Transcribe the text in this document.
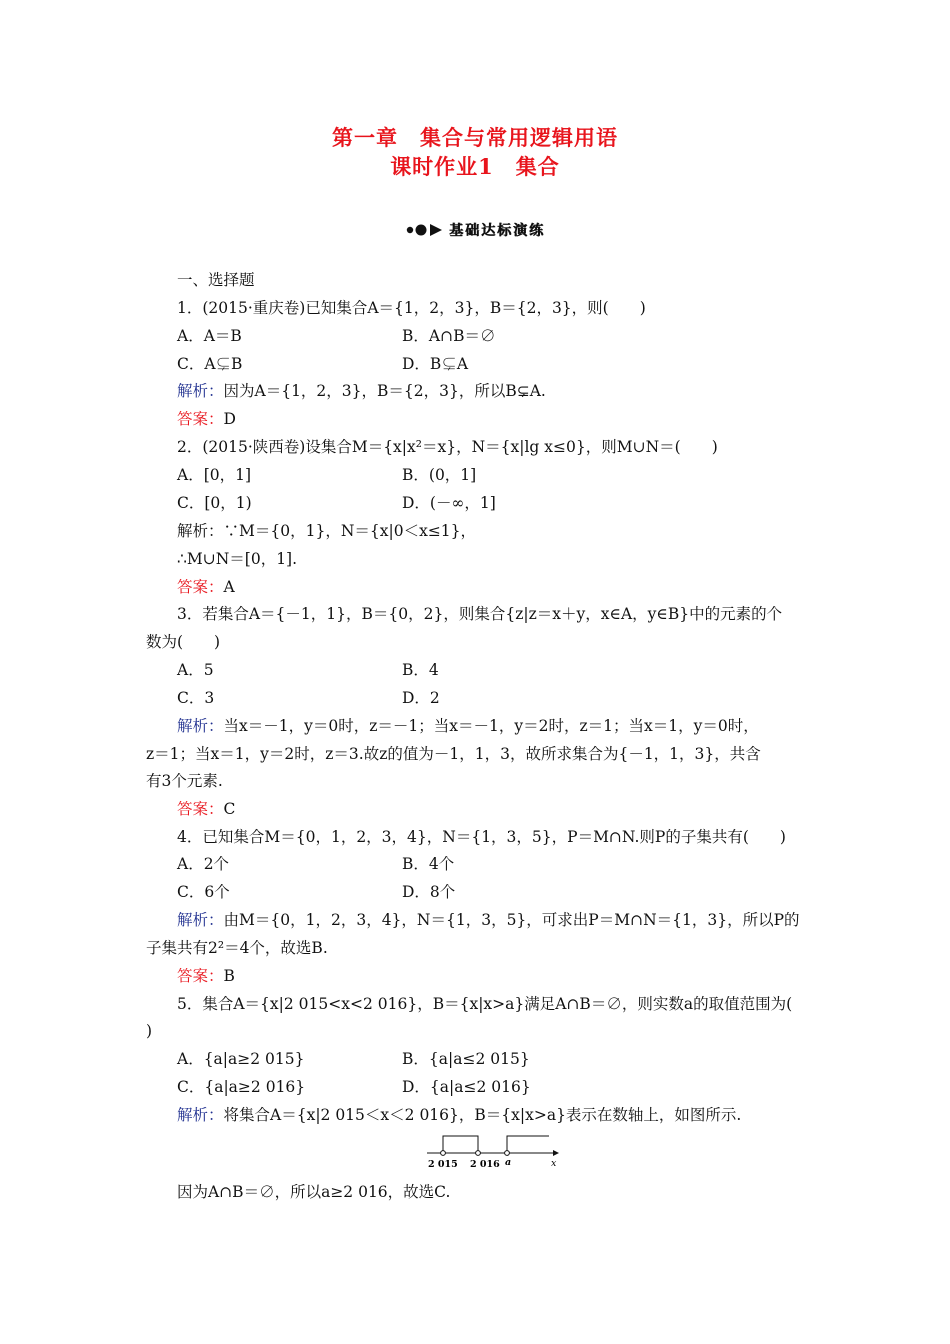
第一章　集合与常用逻辑用语
课时作业1　集合
基础达标演练
一、选择题
1．(2015·重庆卷)已知集合A＝{1，2，3}，B＝{2，3}，则(　　)
A．A＝B	B．A∩B＝∅
C．A⊊B	D．B⊊A
解析：因为A＝{1，2，3}，B＝{2，3}，所以B⊊A.
答案：D
2．(2015·陕西卷)设集合M＝{x|x²＝x}，N＝{x|lg x≤0}，则M∪N＝(　　)
A．[0，1]	B．(0，1]
C．[0，1)	D．(－∞，1]
解析：∵M＝{0，1}，N＝{x|0＜x≤1}，
∴M∪N＝[0，1].
答案：A
3．若集合A＝{－1，1}，B＝{0，2}，则集合{z|z＝x＋y，x∈A，y∈B}中的元素的个
数为(　　)
A．5	B．4
C．3	D．2
解析：当x＝－1，y＝0时，z＝－1；当x＝－1，y＝2时，z＝1；当x＝1，y＝0时，
z＝1；当x＝1，y＝2时，z＝3.故z的值为－1，1，3，故所求集合为{－1，1，3}，共含
有3个元素.
答案：C
4．已知集合M＝{0，1，2，3，4}，N＝{1，3，5}，P＝M∩N.则P的子集共有(　　)
A．2个	B．4个
C．6个	D．8个
解析：由M＝{0，1，2，3，4}，N＝{1，3，5}，可求出P＝M∩N＝{1，3}，所以P的
子集共有2²＝4个，故选B.
答案：B
5．集合A＝{x|2 015<x<2 016}，B＝{x|x>a}满足A∩B＝∅，则实数a的取值范围为(
)
A．{a|a≥2 015}	B．{a|a≤2 015}
C．{a|a≥2 016}	D．{a|a≤2 016}
解析：将集合A＝{x|2 015＜x＜2 016}，B＝{x|x>a}表示在数轴上，如图所示.
2 015 2 016 a	x
因为A∩B＝∅，所以a≥2 016，故选C.
